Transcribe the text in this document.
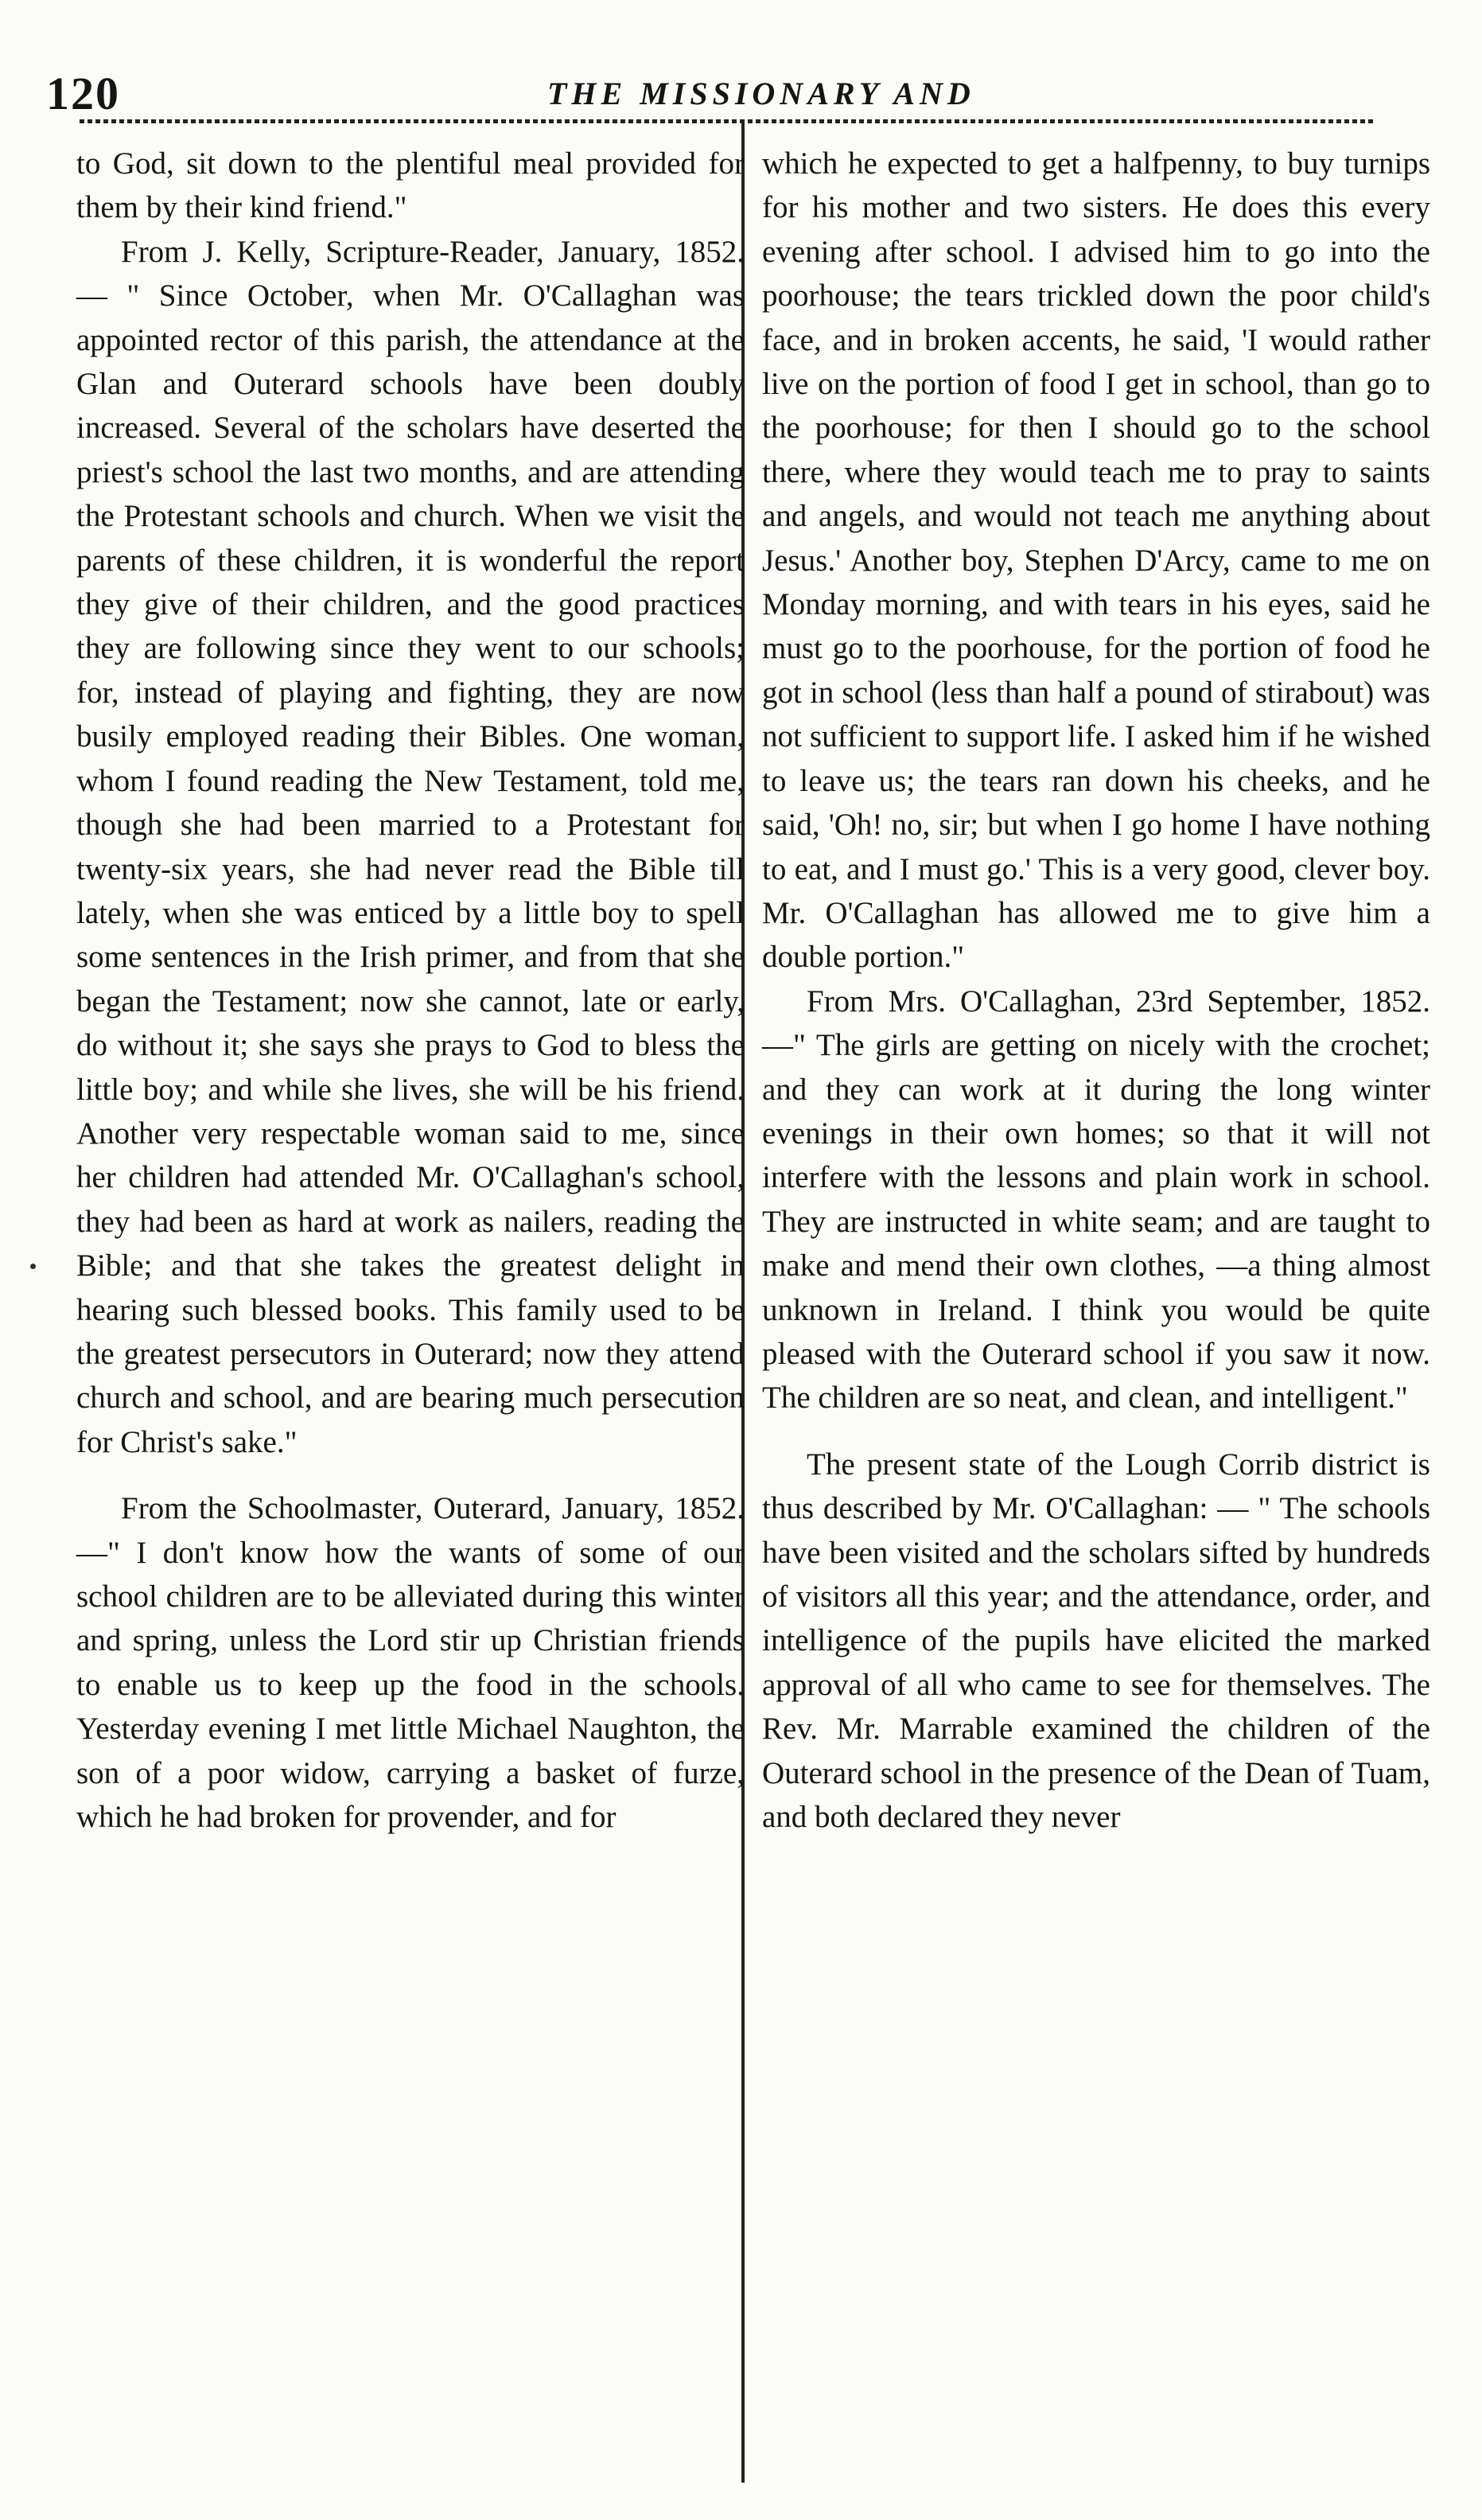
120	THE MISSIONARY AND

to God, sit down to the plentiful meal provided for them by their kind friend."

From J. Kelly, Scripture-Reader, January, 1852. — " Since October, when Mr. O'Callaghan was appointed rector of this parish, the attendance at the Glan and Outerard schools have been doubly increased. Several of the scholars have deserted the priest's school the last two months, and are attending the Protestant schools and church. When we visit the parents of these children, it is wonderful the report they give of their children, and the good practices they are following since they went to our schools; for, instead of playing and fighting, they are now busily employed reading their Bibles. One woman, whom I found reading the New Testament, told me, though she had been married to a Protestant for twenty-six years, she had never read the Bible till lately, when she was enticed by a little boy to spell some sentences in the Irish primer, and from that she began the Testament; now she cannot, late or early, do without it; she says she prays to God to bless the little boy; and while she lives, she will be his friend. Another very respectable woman said to me, since her children had attended Mr. O'Callaghan's school, they had been as hard at work as nailers, reading the Bible; and that she takes the greatest delight in hearing such blessed books. This family used to be the greatest persecutors in Outerard; now they attend church and school, and are bearing much persecution for Christ's sake."

From the Schoolmaster, Outerard, January, 1852.—" I don't know how the wants of some of our school children are to be alleviated during this winter and spring, unless the Lord stir up Christian friends to enable us to keep up the food in the schools. Yesterday evening I met little Michael Naughton, the son of a poor widow, carrying a basket of furze, which he had broken for provender, and for

which he expected to get a halfpenny, to buy turnips for his mother and two sisters. He does this every evening after school. I advised him to go into the poorhouse; the tears trickled down the poor child's face, and in broken accents, he said, 'I would rather live on the portion of food I get in school, than go to the poorhouse; for then I should go to the school there, where they would teach me to pray to saints and angels, and would not teach me anything about Jesus.' Another boy, Stephen D'Arcy, came to me on Monday morning, and with tears in his eyes, said he must go to the poorhouse, for the portion of food he got in school (less than half a pound of stirabout) was not sufficient to support life. I asked him if he wished to leave us; the tears ran down his cheeks, and he said, 'Oh! no, sir; but when I go home I have nothing to eat, and I must go.' This is a very good, clever boy. Mr. O'Callaghan has allowed me to give him a double portion."

From Mrs. O'Callaghan, 23rd September, 1852.—" The girls are getting on nicely with the crochet; and they can work at it during the long winter evenings in their own homes; so that it will not interfere with the lessons and plain work in school. They are instructed in white seam; and are taught to make and mend their own clothes, —a thing almost unknown in Ireland. I think you would be quite pleased with the Outerard school if you saw it now. The children are so neat, and clean, and intelligent."

The present state of the Lough Corrib district is thus described by Mr. O'Callaghan: — " The schools have been visited and the scholars sifted by hundreds of visitors all this year; and the attendance, order, and intelligence of the pupils have elicited the marked approval of all who came to see for themselves. The Rev. Mr. Marrable examined the children of the Outerard school in the presence of the Dean of Tuam, and both declared they never
